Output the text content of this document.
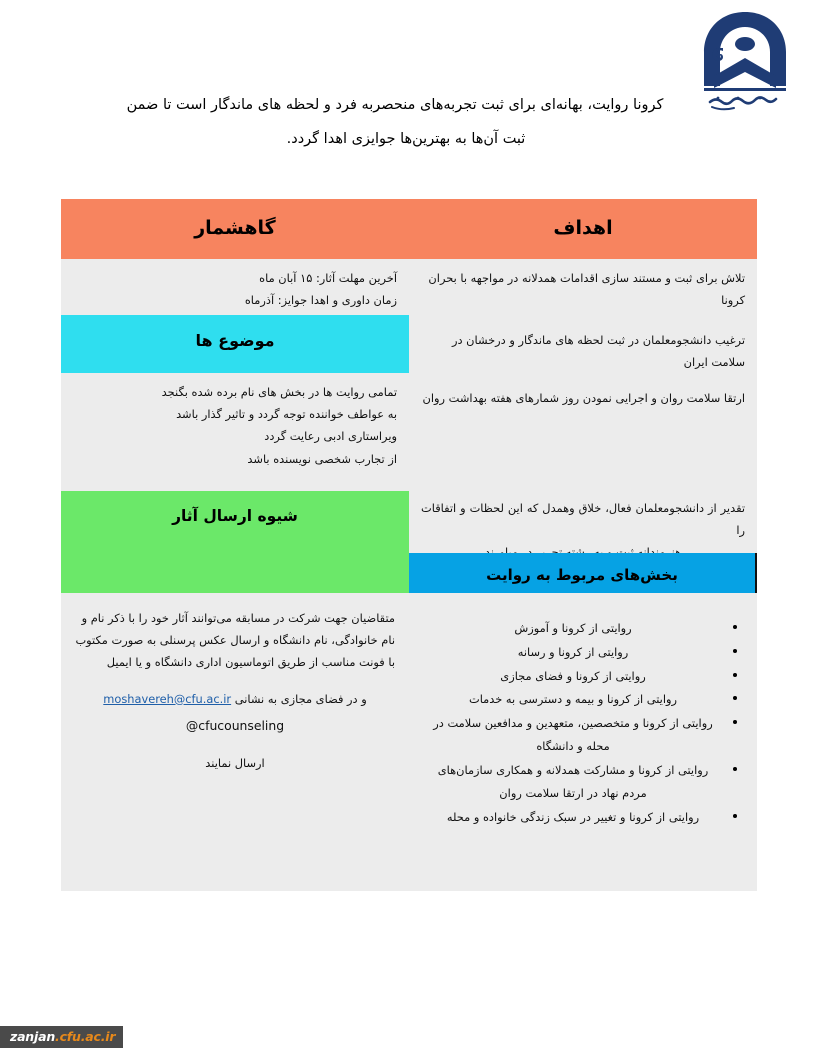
کرونا روایت، بهانه‌ای برای ثبت تجربه‌های منحصربه فرد و لحظه های ماندگار است تا ضمن
ثبت آن‌ها به بهترین‌ها جوایزی اهدا گردد.
اهداف
گاهشمار
تلاش برای ثبت و مستند سازی اقدامات همدلانه در مواجهه با بحران کرونا
آخرین مهلت آثار: ۱۵ آبان ماه
زمان داوری و اهدا جوایز: آذرماه
ترغیب دانشجومعلمان در ثبت لحظه های ماندگار و درخشان در سلامت ایران
موضوع ها
ارتقا سلامت روان و اجرایی نمودن روز شمارهای هفته بهداشت روان
تمامی روایت ها در بخش های نام برده شده بگنجد
به عواطف خواننده توجه گردد و تاثیر گذار باشد
ویراستاری ادبی رعایت گردد
از تجارب شخصی نویسنده باشد
تقدیر از دانشجومعلمان فعال، خلاق وهمدل که این لحظات و اتفاقات را
شیوه ارسال آثار
بخش‌های مربوط به روایت
روایتی از کرونا و آموزش
روایتی از کرونا و رسانه
روایتی از کرونا و فضای مجازی
روایتی از کرونا و بیمه و دسترسی به خدمات
روایتی از کرونا و متخصصین، متعهدین و مدافعین سلامت در محله و دانشگاه
روایتی از کرونا و مشارکت همدلانه و همکاری سازمان‌های مردم نهاد در ارتقا سلامت روان
روایتی از کرونا و تغییر در سبک زندگی خانواده و محله
متقاضیان جهت شرکت در مسابقه می‌توانند آثار خود را با ذکر نام و
نام خانوادگی، نام دانشگاه و ارسال عکس پرسنلی به صورت مکتوب
با فونت مناسب از طریق اتوماسیون اداری دانشگاه و یا ایمیل
و در فضای مجازی به نشانی moshavereh@cfu.ac.ir
@cfucounseling
ارسال نمایند
zanjan.cfu.ac.ir
